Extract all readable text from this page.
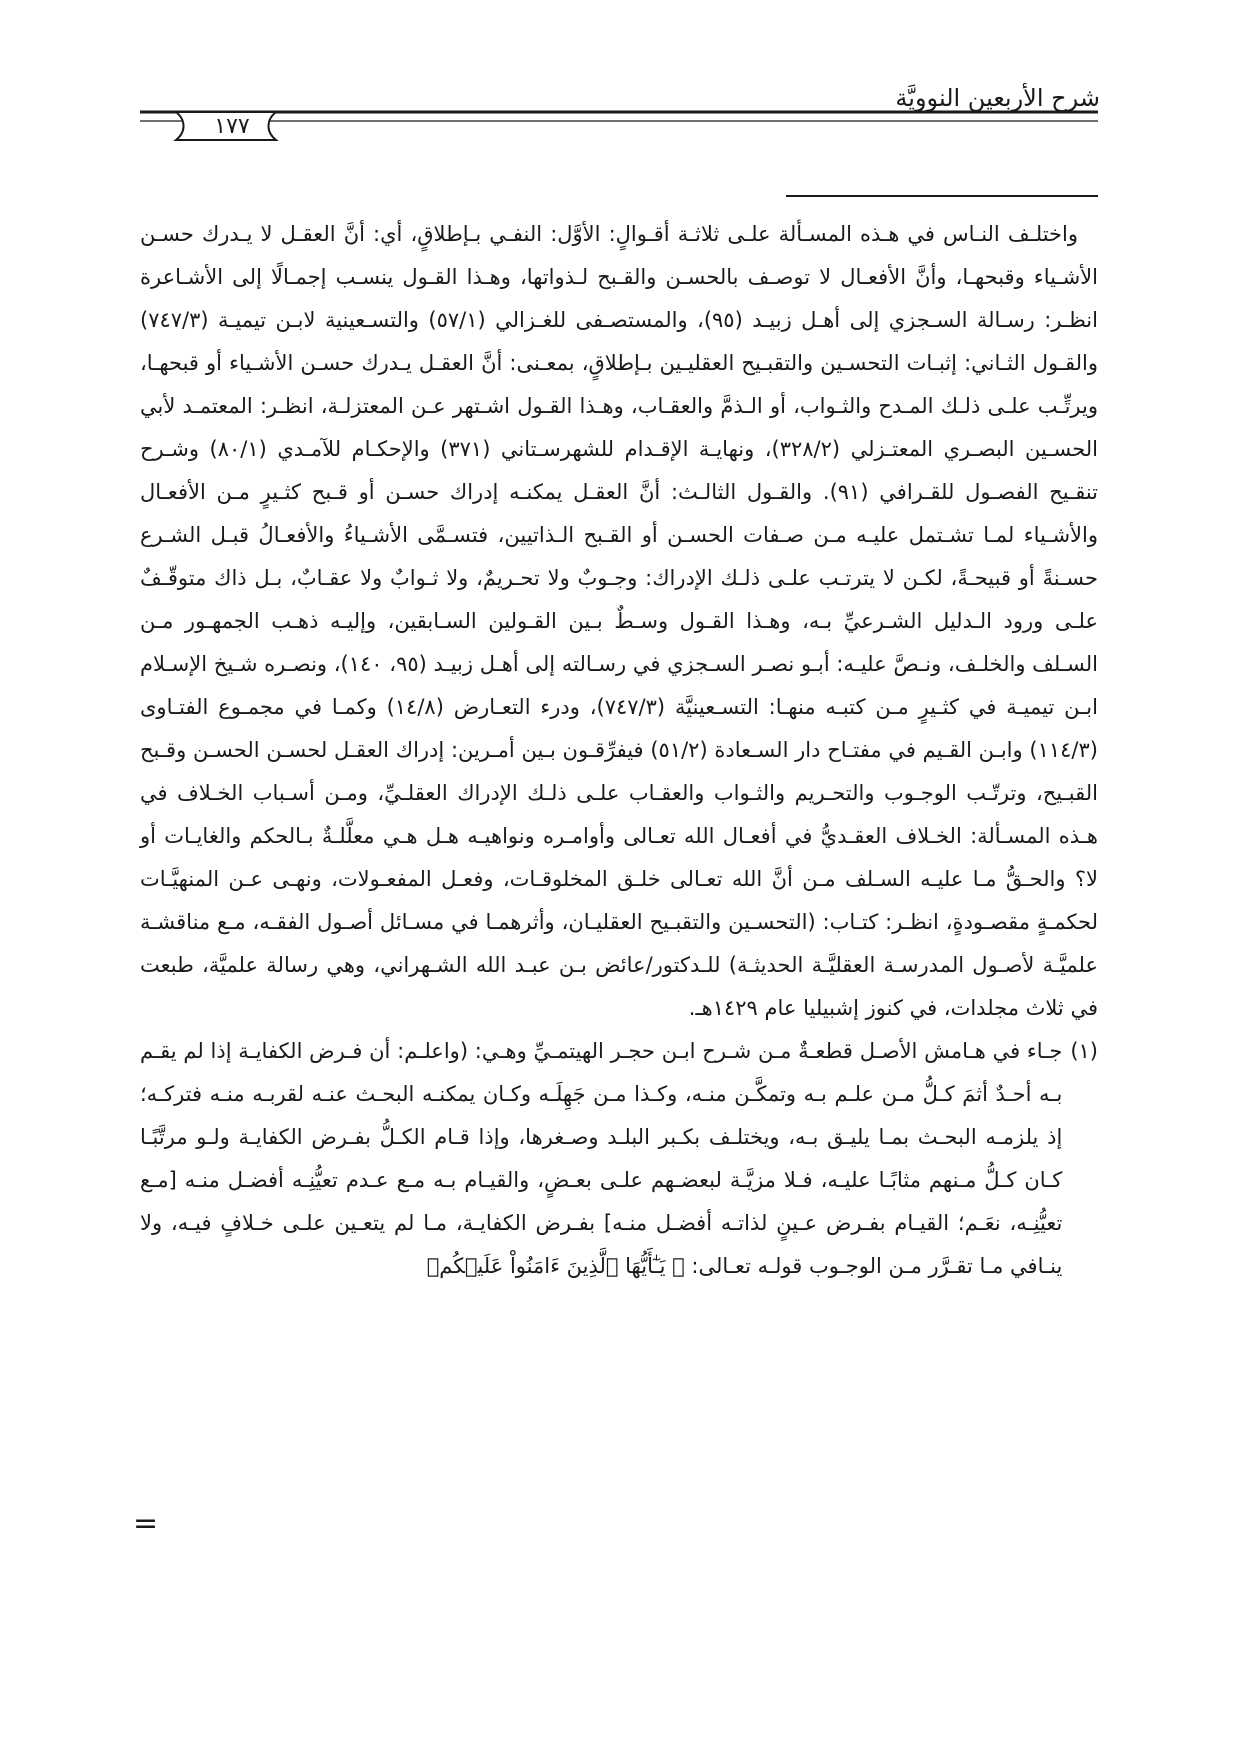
شرح الأربعين النوويَّة
١٧٧

واختلـف النـاس في هـذه المسـألة علـى ثلاثـة أقـوالٍ: الأوَّل: النفـي بـإطلاقٍ، أي: أنَّ العقـل لا يـدرك حسـن الأشـياء وقبحهـا، وأنَّ الأفعـال لا توصـف بالحسـن والقـبح لـذواتها، وهـذا القـول ينسـب إجمـالًا إلى الأشـاعرة انظـر: رسـالة السـجزي إلى أهـل زبيـد (٩٥)، والمستصـفى للغـزالي (٥٧/١) والتسـعينية لابـن تيميـة (٧٤٧/٣) والقـول الثـاني: إثبـات التحسـين والتقبـيح العقليـين بـإطلاقٍ، بمعـنى: أنَّ العقـل يـدرك حسـن الأشـياء أو قبحهـا، ويرتِّـب علـى ذلـك المـدح والثـواب، أو الـذمَّ والعقـاب، وهـذا القـول اشـتهر عـن المعتزلـة، انظـر: المعتمـد لأبي الحسـين البصـري المعتـزلي (٣٢٨/٢)، ونهايـة الإقـدام للشهرسـتاني (٣٧١) والإحكـام للآمـدي (٨٠/١) وشـرح تنقـيح الفصـول للقـرافي (٩١). والقـول الثالـث: أنَّ العقـل يمكنـه إدراك حسـن أو قـبح كثـيرٍ مـن الأفعـال والأشـياء لمـا تشـتمل عليـه مـن صـفات الحسـن أو القـبح الـذاتيين، فتسـمَّى الأشـياءُ والأفعـالُ قبـل الشـرع حسـنةً أو قبيحـةً، لكـن لا يترتـب علـى ذلـك الإدراك: وجـوبٌ ولا تحـريمٌ، ولا ثـوابٌ ولا عقـابٌ، بـل ذاك متوقّـفٌ علـى ورود الـدليل الشـرعيِّ بـه، وهـذا القـول وسـطٌ بـين القـولين السـابقين، وإليـه ذهـب الجمهـور مـن السـلف والخلـف، ونـصَّ عليـه: أبـو نصـر السـجزي في رسـالته إلى أهـل زبيـد (٩٥، ١٤٠)، ونصـره شـيخ الإسـلام ابـن تيميـة في كثـيرٍ مـن كتبـه منهـا: التسـعينيَّة (٧٤٧/٣)، ودرء التعـارض (١٤/٨) وكمـا في مجمـوع الفتـاوى (١١٤/٣) وابـن القـيم في مفتـاح دار السـعادة (٥١/٢) فيفرِّقـون بـين أمـرين: إدراك العقـل لحسـن الحسـن وقـبح القبـيح، وترتّـب الوجـوب والتحـريم والثـواب والعقـاب علـى ذلـك الإدراك العقلـيِّ، ومـن أسـباب الخـلاف في هـذه المسـألة: الخـلاف العقـديُّ في أفعـال الله تعـالى وأوامـره ونواهيـه هـل هـي معلَّلـةٌ بـالحكم والغايـات أو لا؟ والحـقُّ مـا عليـه السـلف مـن أنَّ الله تعـالى خلـق المخلوقـات، وفعـل المفعـولات، ونهـى عـن المنهيَّـات لحكمـةٍ مقصـودةٍ، انظـر: كتـاب: (التحسـين والتقبـيح العقليـان، وأثرهمـا في مسـائل أصـول الفقـه، مـع مناقشـة علميَّـة لأصـول المدرسـة العقليَّـة الحديثـة) للـدكتور/عائض بـن عبـد الله الشـهراني، وهي رسالة علميَّة، طبعت في ثلاث مجلدات، في كنوز إشبيليا عام ١٤٢٩هـ.

(١)
جـاء في هـامش الأصـل قطعـةٌ مـن شـرح ابـن حجـر الهيتمـيِّ وهـي: (واعلـم: أن فـرض الكفايـة إذا لم يقـم بـه أحـدٌ أثمَ كـلُّ مـن علـم بـه وتمكَّـن منـه، وكـذا مـن جَهِلَـه وكـان يمكنـه البحـث عنـه لقربـه منـه فتركـه؛ إذ يلزمـه البحـث بمـا يليـق بـه، ويختلـف بكـبر البلـد وصـغرها، وإذا قـام الكـلُّ بفـرض الكفايـة ولـو مرتَّبًـا كـان كـلُّ مـنهم مثابًـا عليـه، فـلا مزيَّـة لبعضـهم علـى بعـضٍ، والقيـام بـه مـع عـدم تعيُّنِـه أفضـل منـه [مـع تعيُّنِـه، نعَـم؛ القيـام بفـرض عـينٍ لذاتـه أفضـل منـه] بفـرض الكفايـة، مـا لم يتعـين علـى خـلافٍ فيـه، ولا ينـافي مـا تقـرَّر مـن الوجـوب قولـه تعـالى: ﴿ يَـٰٓأَيُّهَا ٱلَّذِينَ ءَامَنُواْ عَلَيۡكُمۡ
=
